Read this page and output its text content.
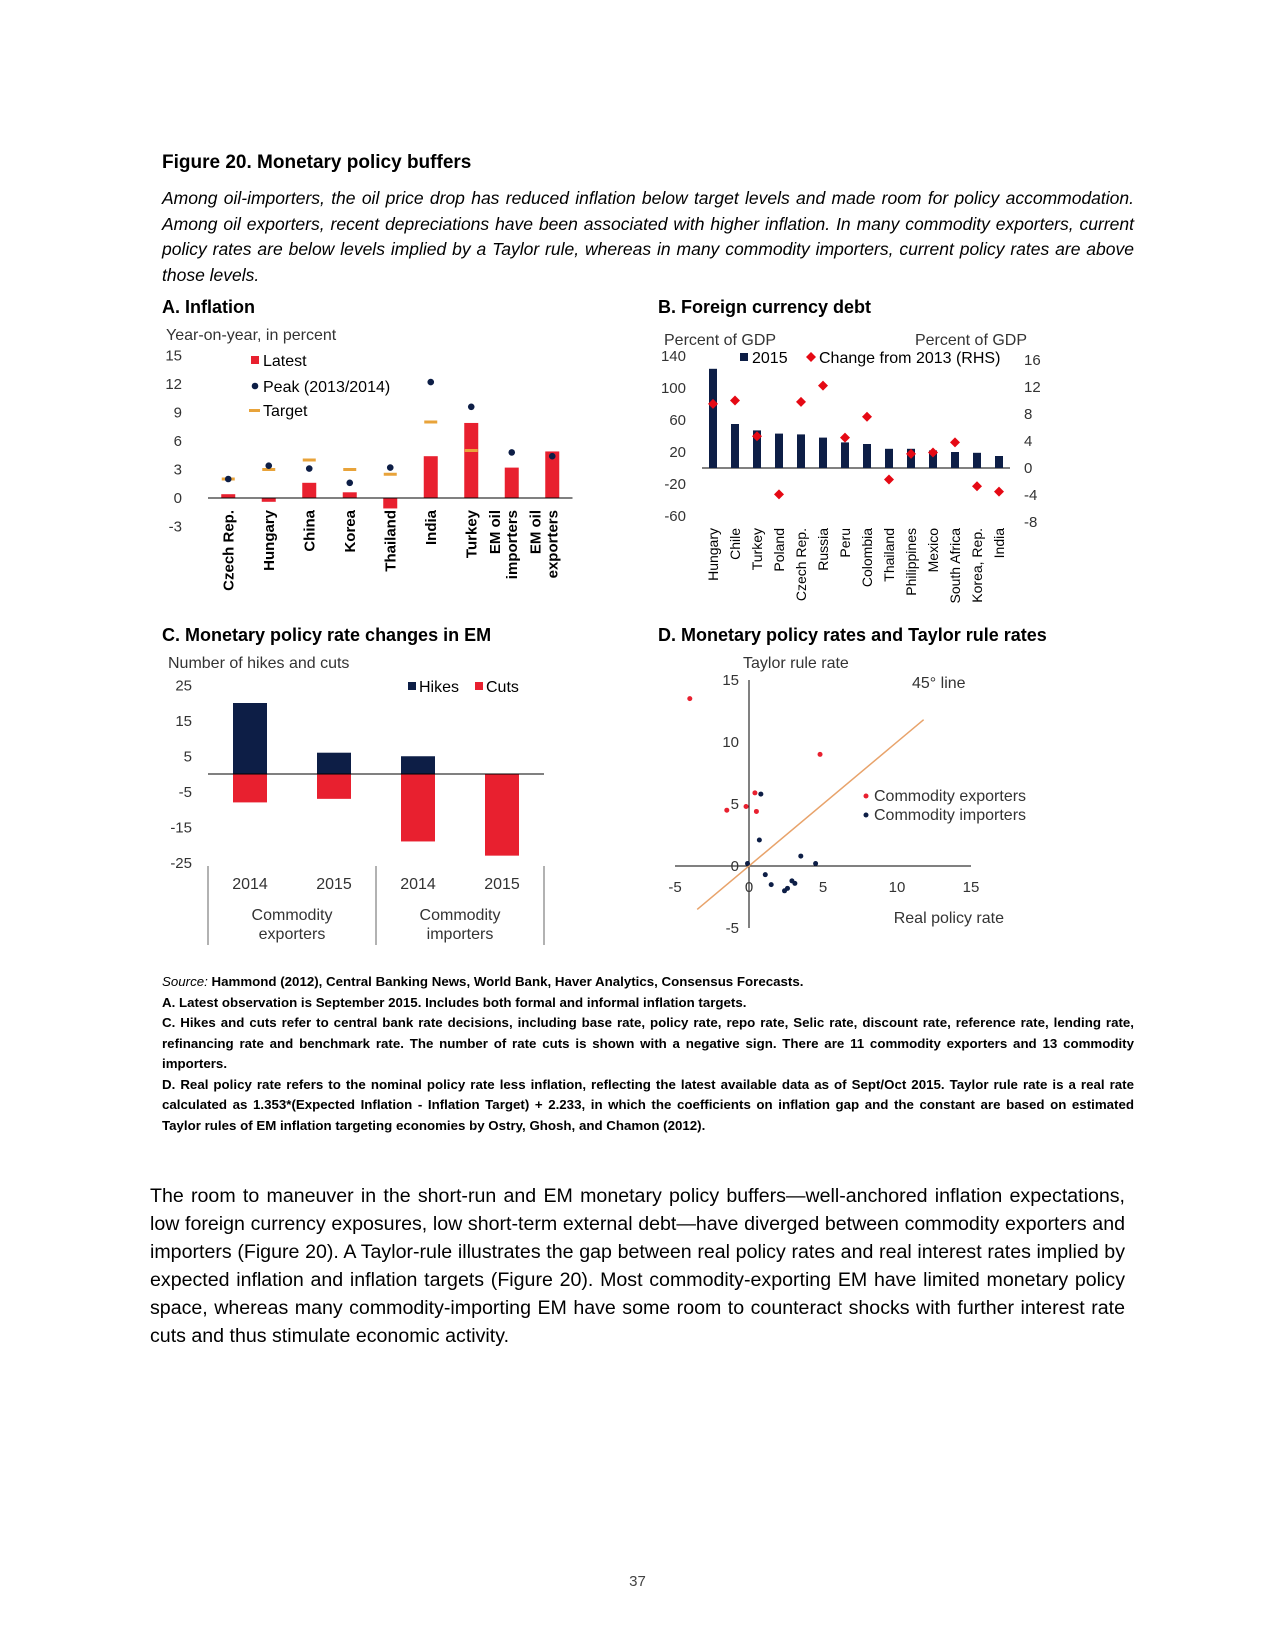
Figure 20. Monetary policy buffers
Among oil-importers, the oil price drop has reduced inflation below target levels and made room for policy accommodation. Among oil exporters, recent depreciations have been associated with higher inflation. In many commodity exporters, current policy rates are below levels implied by a Taylor rule, whereas in many commodity importers, current policy rates are above those levels.
A. Inflation	B. Foreign currency debt
C. Monetary policy rate changes in EM	D. Monetary policy rates and Taylor rule rates
Year-on-year, in percent
15
12
9
6
3
0
-3	Czech Rep. Hungary China Korea Thailand India Turkey EM oil importers EM oil exporters
Latest
Peak (2013/2014)
Target
Percent of GDP	Percent of GDP
140
100
60
20
-20
-60
16
12
8
4
0
-4
-8
Hungary Chile Turkey Poland Czech Rep. Russia Peru Colombia Thailand Philippines Mexico South Africa Korea, Rep. India
2015 Change from 2013 (RHS)
Number of hikes and cuts
25
15
5
-5
-15
-25
2014	2015	2014	2015
Commodity
exporters
Commodity
importers
Hikes Cuts
-5	0	5	10	15
15
10
5
0
-5
Taylor rule rate
Real policy rate
45° line
Commodity exporters
Commodity importers

Source: Hammond (2012), Central Banking News, World Bank, Haver Analytics, Consensus Forecasts.

A. Latest observation is September 2015. Includes both formal and informal inflation targets.

C. Hikes and cuts refer to central bank rate decisions, including base rate, policy rate, repo rate, Selic rate, discount rate, reference rate, lending rate, refinancing rate and benchmark rate. The number of rate cuts is shown with a negative sign. There are 11 commodity exporters and 13 commodity importers.

D. Real policy rate refers to the nominal policy rate less inflation, reflecting the latest available data as of Sept/Oct 2015. Taylor rule rate is a real rate calculated as 1.353*(Expected Inflation - Inflation Target) + 2.233, in which the coefficients on inflation gap and the constant are based on estimated Taylor rules of EM inflation targeting economies by Ostry, Ghosh, and Chamon (2012).

The room to maneuver in the short-run and EM monetary policy buffers—well-anchored inflation expectations, low foreign currency exposures, low short-term external debt—have diverged between commodity exporters and importers (Figure 20). A Taylor-rule illustrates the gap between real policy rates and real interest rates implied by expected inflation and inflation targets (Figure 20). Most commodity-exporting EM have limited monetary policy space, whereas many commodity-importing EM have some room to counteract shocks with further interest rate cuts and thus stimulate economic activity.
37
